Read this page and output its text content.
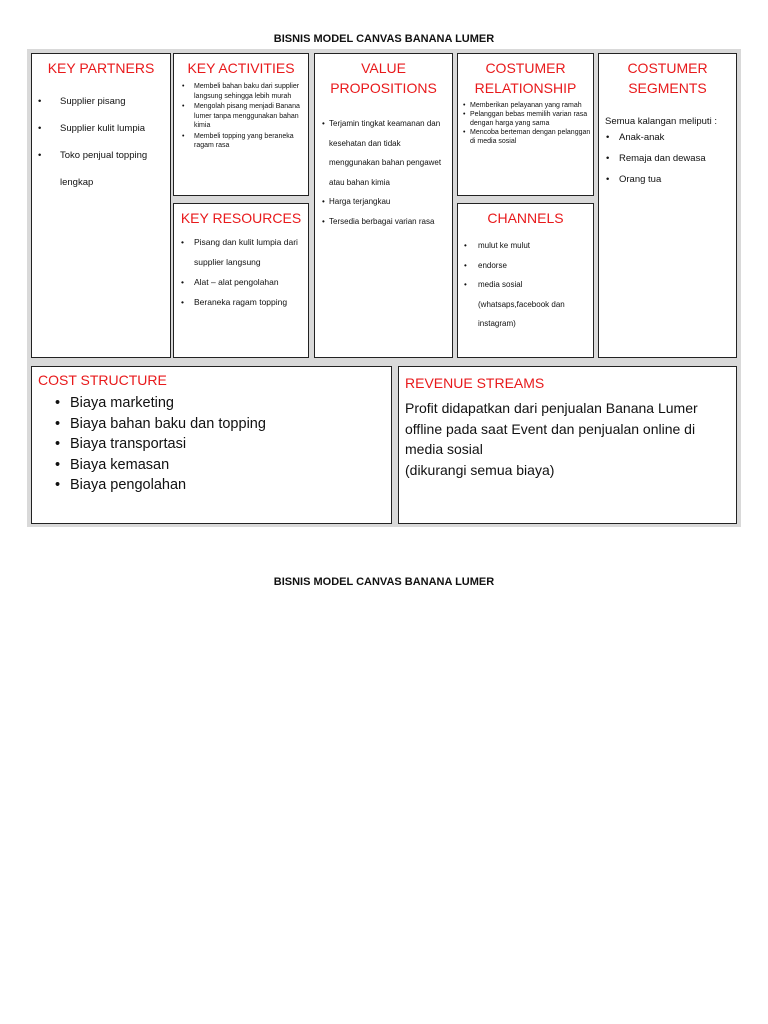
BISNIS MODEL CANVAS BANANA LUMER
KEY PARTNERS
• Supplier pisang
• Supplier kulit lumpia
• Toko penjual topping
lengkap
KEY ACTIVITIES
• Membeli bahan baku dari supplier langsung sehingga lebih murah
• Mengolah pisang menjadi Banana lumer tanpa menggunakan bahan kimia
• Membeli topping yang beraneka ragam rasa
KEY RESOURCES
• Pisang dan kulit lumpia dari supplier langsung
• Alat – alat pengolahan
• Beraneka ragam topping
VALUE
PROPOSITIONS
• Terjamin tingkat keamanan dan kesehatan dan tidak menggunakan bahan pengawet atau bahan kimia
• Harga terjangkau
• Tersedia berbagai varian rasa
COSTUMER
RELATIONSHIP
• Memberikan pelayanan yang ramah
• Pelanggan bebas memilih varian rasa dengan harga yang sama
• Mencoba berteman dengan pelanggan di media sosial
CHANNELS
• mulut ke mulut
• endorse
• media sosial (whatsaps,facebook dan instagram)
COSTUMER
SEGMENTS
Semua kalangan meliputi :
• Anak-anak
• Remaja dan dewasa
• Orang tua
COST STRUCTURE
• Biaya marketing
• Biaya bahan baku dan topping
• Biaya transportasi
• Biaya kemasan
• Biaya pengolahan
REVENUE STREAMS

Profit didapatkan dari penjualan Banana Lumer offline pada saat Event dan penjualan online di media sosial

(dikurangi semua biaya)

BISNIS MODEL CANVAS BANANA LUMER
